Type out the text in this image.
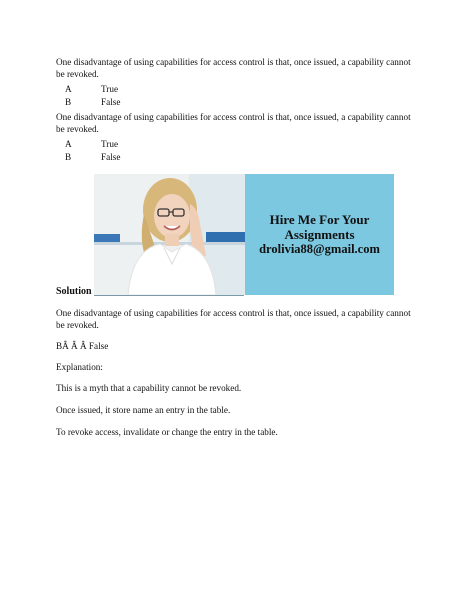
One disadvantage of using capabilities for access control is that, once issued, a capability cannot be revoked.
A	True
B	False
One disadvantage of using capabilities for access control is that, once issued, a capability cannot be revoked.
A	True
B	False
Hire Me For Your
Assignments
drolivia88@gmail.com
Solution
One disadvantage of using capabilities for access control is that, once issued, a capability cannot be revoked.
BÂ Â Â False
Explanation:
This is a myth that a capability cannot be revoked.
Once issued, it store name an entry in the table.
To revoke access, invalidate or change the entry in the table.
